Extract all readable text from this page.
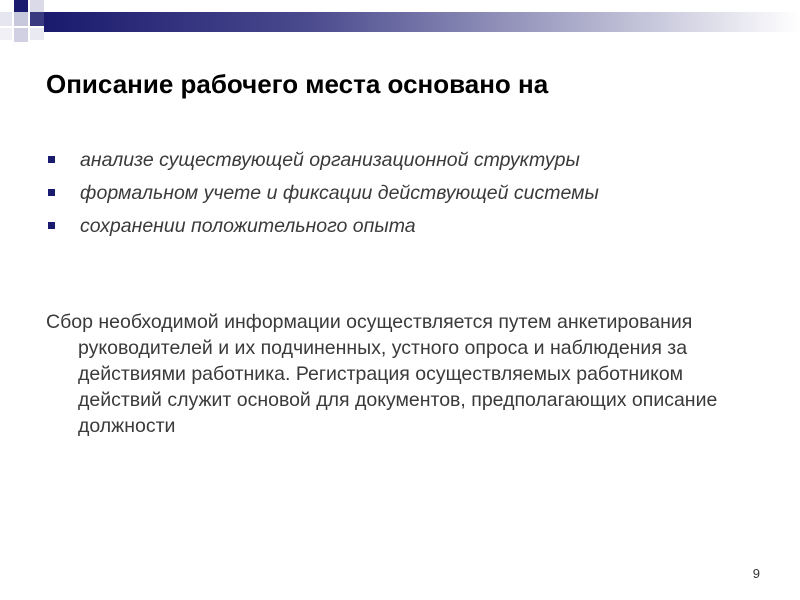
Описание рабочего места основано на
анализе существующей организационной структуры
формальном учете и фиксации действующей системы
сохранении положительного опыта

Сбор необходимой информации осуществляется путем анкетирования руководителей и их подчиненных, устного опроса и наблюдения за действиями работника. Регистрация осуществляемых работником действий служит основой для документов, предполагающих описание должности

9
